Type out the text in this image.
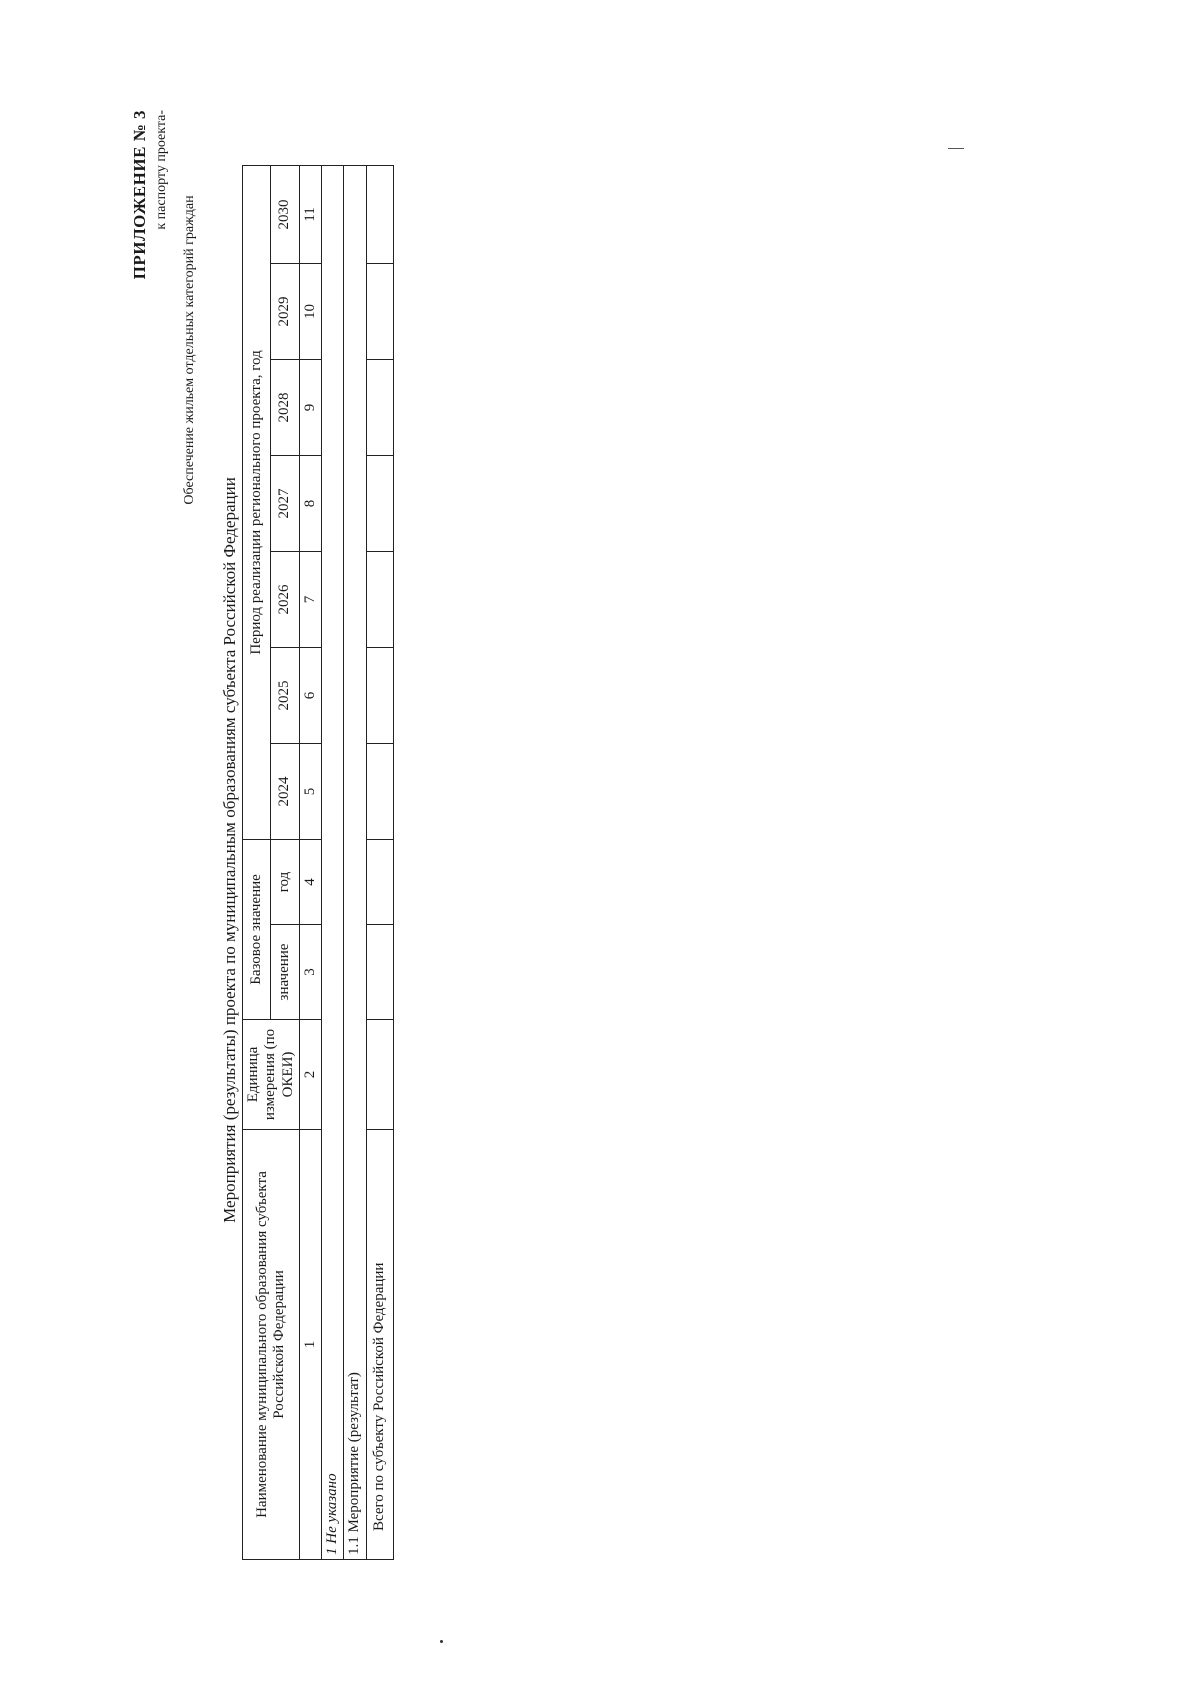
ПРИЛОЖЕНИЕ № 3 к паспорту проекта-
Обеспечение жильем отдельных категорий граждан
Мероприятия (результаты) проекта по муниципальным образованиям субъекта Российской Федерации
Наименование муниципального образования субъекта Российской Федерации	Единица измерения (по ОКЕИ)	Базовое значение		Период реализации регионального проекта, год						
		значение	год	2024	2025	2026	2027	2028	2029	2030
1	2	3	4	5	6	7	8	9	10	11
1 Не указано										
1.1 Мероприятие (результат)										
Всего по субъекту Российской Федерации										
